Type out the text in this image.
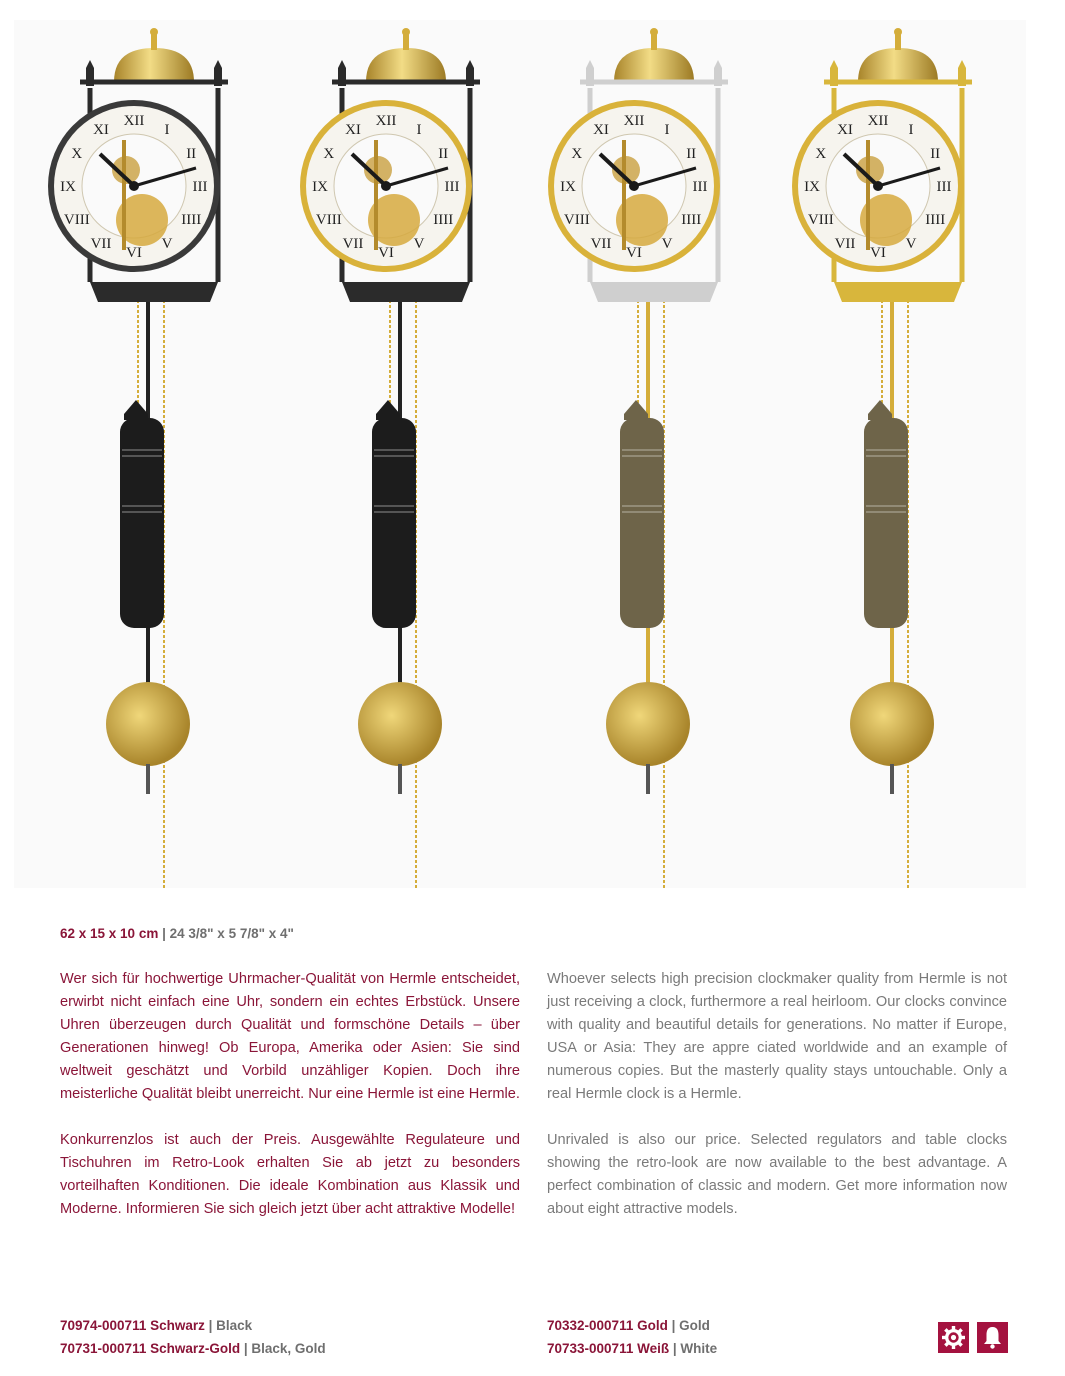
XII
I
II
III
IIII
V
VI
VII
VIII
IX
X
XI
XII
I
II
III
IIII
V
VI
VII
VIII
IX
X
XI
XII
I
II
III
IIII
V
VI
VII
VIII
IX
X
XI
XII
I
II
III
IIII
V
VI
VII
VIII
IX
X
XI
62 x 15 x 10 cm | 24 3/8" x 5 7/8" x 4"

Wer sich für hochwertige Uhrmacher-Qualität von Hermle entscheidet, erwirbt nicht einfach eine Uhr, sondern ein echtes Erbstück. Unsere Uhren überzeugen durch Qualität und formschöne Details – über Generationen hinweg! Ob Europa, Amerika oder Asien: Sie sind weltweit geschätzt und Vorbild unzähliger Kopien. Doch ihre meisterliche Qualität bleibt unerreicht. Nur eine Hermle ist eine Hermle.

Konkurrenzlos ist auch der Preis. Ausgewählte Regulateure und Tischuhren im Retro-Look erhalten Sie ab jetzt zu besonders vorteilhaften Konditionen. Die ideale Kombination aus Klassik und Moderne. Informieren Sie sich gleich jetzt über acht attraktive Modelle!

Whoever selects high precision clockmaker quality from Hermle is not just receiving a clock, furthermore a real heirloom. Our clocks convince with quality and beautiful details for generations. No matter if Europe, USA or Asia: They are appre ciated worldwide and an example of numerous copies. But the masterly quality stays untouchable. Only a real Hermle clock is a Hermle.

Unrivaled is also our price. Selected regulators and table clocks showing the retro-look are now available to the best advantage. A perfect combination of classic and modern. Get more information now about eight attractive models.

70974-000711 Schwarz | Black
70731-000711 Schwarz-Gold | Black, Gold
70332-000711 Gold | Gold
70733-000711 Weiß | White
